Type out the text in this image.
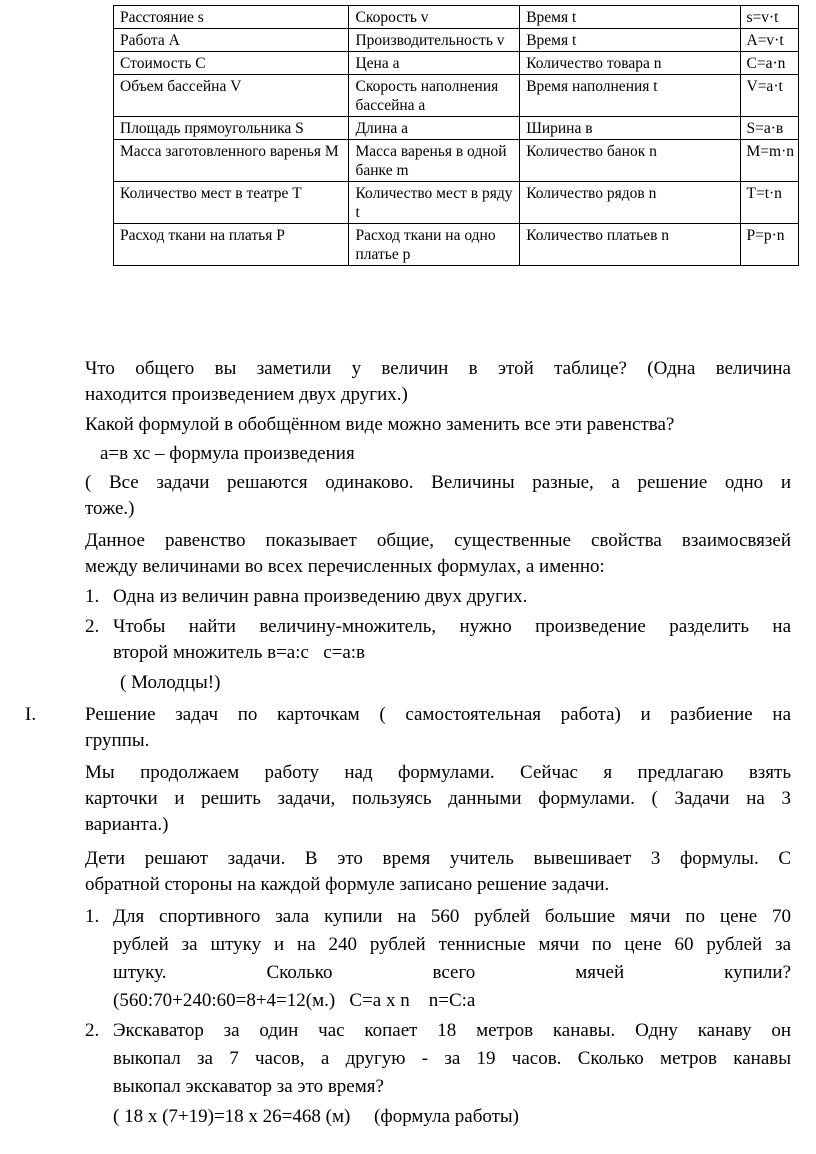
Расстояние s	Скорость v	Время t	s=v·t
Работа А	Производительность v	Время t	A=v·t
Стоимость С	Цена а	Количество товара n	C=a·n
Объем бассейна V	Скорость наполнения бассейна а	Время наполнения t	V=a·t
Площадь прямоугольника S	Длина а	Ширина в	S=a·в
Масса заготовленного варенья М	Масса варенья в одной банке m	Количество банок n	M=m·n
Количество мест в театре Т	Количество мест в ряду t	Количество рядов n	T=t·n
Расход ткани на платья Р	Расход ткани на одно платье р	Количество платьев n	P=p·n
Что общего вы заметили у величин в этой таблице? (Одна величина
находится произведением двух других.)
Какой формулой в обобщённом виде можно заменить все эти равенства?
а=в хс – формула произведения
( Все задачи решаются одинаково. Величины разные, а решение одно и
тоже.)
Данное равенство показывает общие, существенные свойства взаимосвязей
между величинами во всех перечисленных формулах, а именно:
1. Одна из величин равна произведению двух других.
2. Чтобы найти величину-множитель, нужно произведение разделить на
второй множитель в=а:с   с=а:в
( Молодцы!)
I.	Решение задач по карточкам ( самостоятельная работа) и разбиение на
группы.
Мы продолжаем работу над формулами. Сейчас я предлагаю взять
карточки и решить задачи, пользуясь данными формулами. ( Задачи на 3
варианта.)
Дети решают задачи. В это время учитель вывешивает 3 формулы. С
обратной стороны на каждой формуле записано решение задачи.
1. Для спортивного зала купили на 560 рублей большие мячи по цене 70
рублей за штуку и на 240 рублей теннисные мячи по цене 60 рублей за
штуку. Сколько всего мячей купили?
(560:70+240:60=8+4=12(м.)   С=а х n    n=С:а
2. Экскаватор за один час копает 18 метров канавы. Одну канаву он
выкопал за 7 часов, а другую - за 19 часов. Сколько метров канавы
выкопал экскаватор за это время?
( 18 х (7+19)=18 х 26=468 (м)     (формула работы)
